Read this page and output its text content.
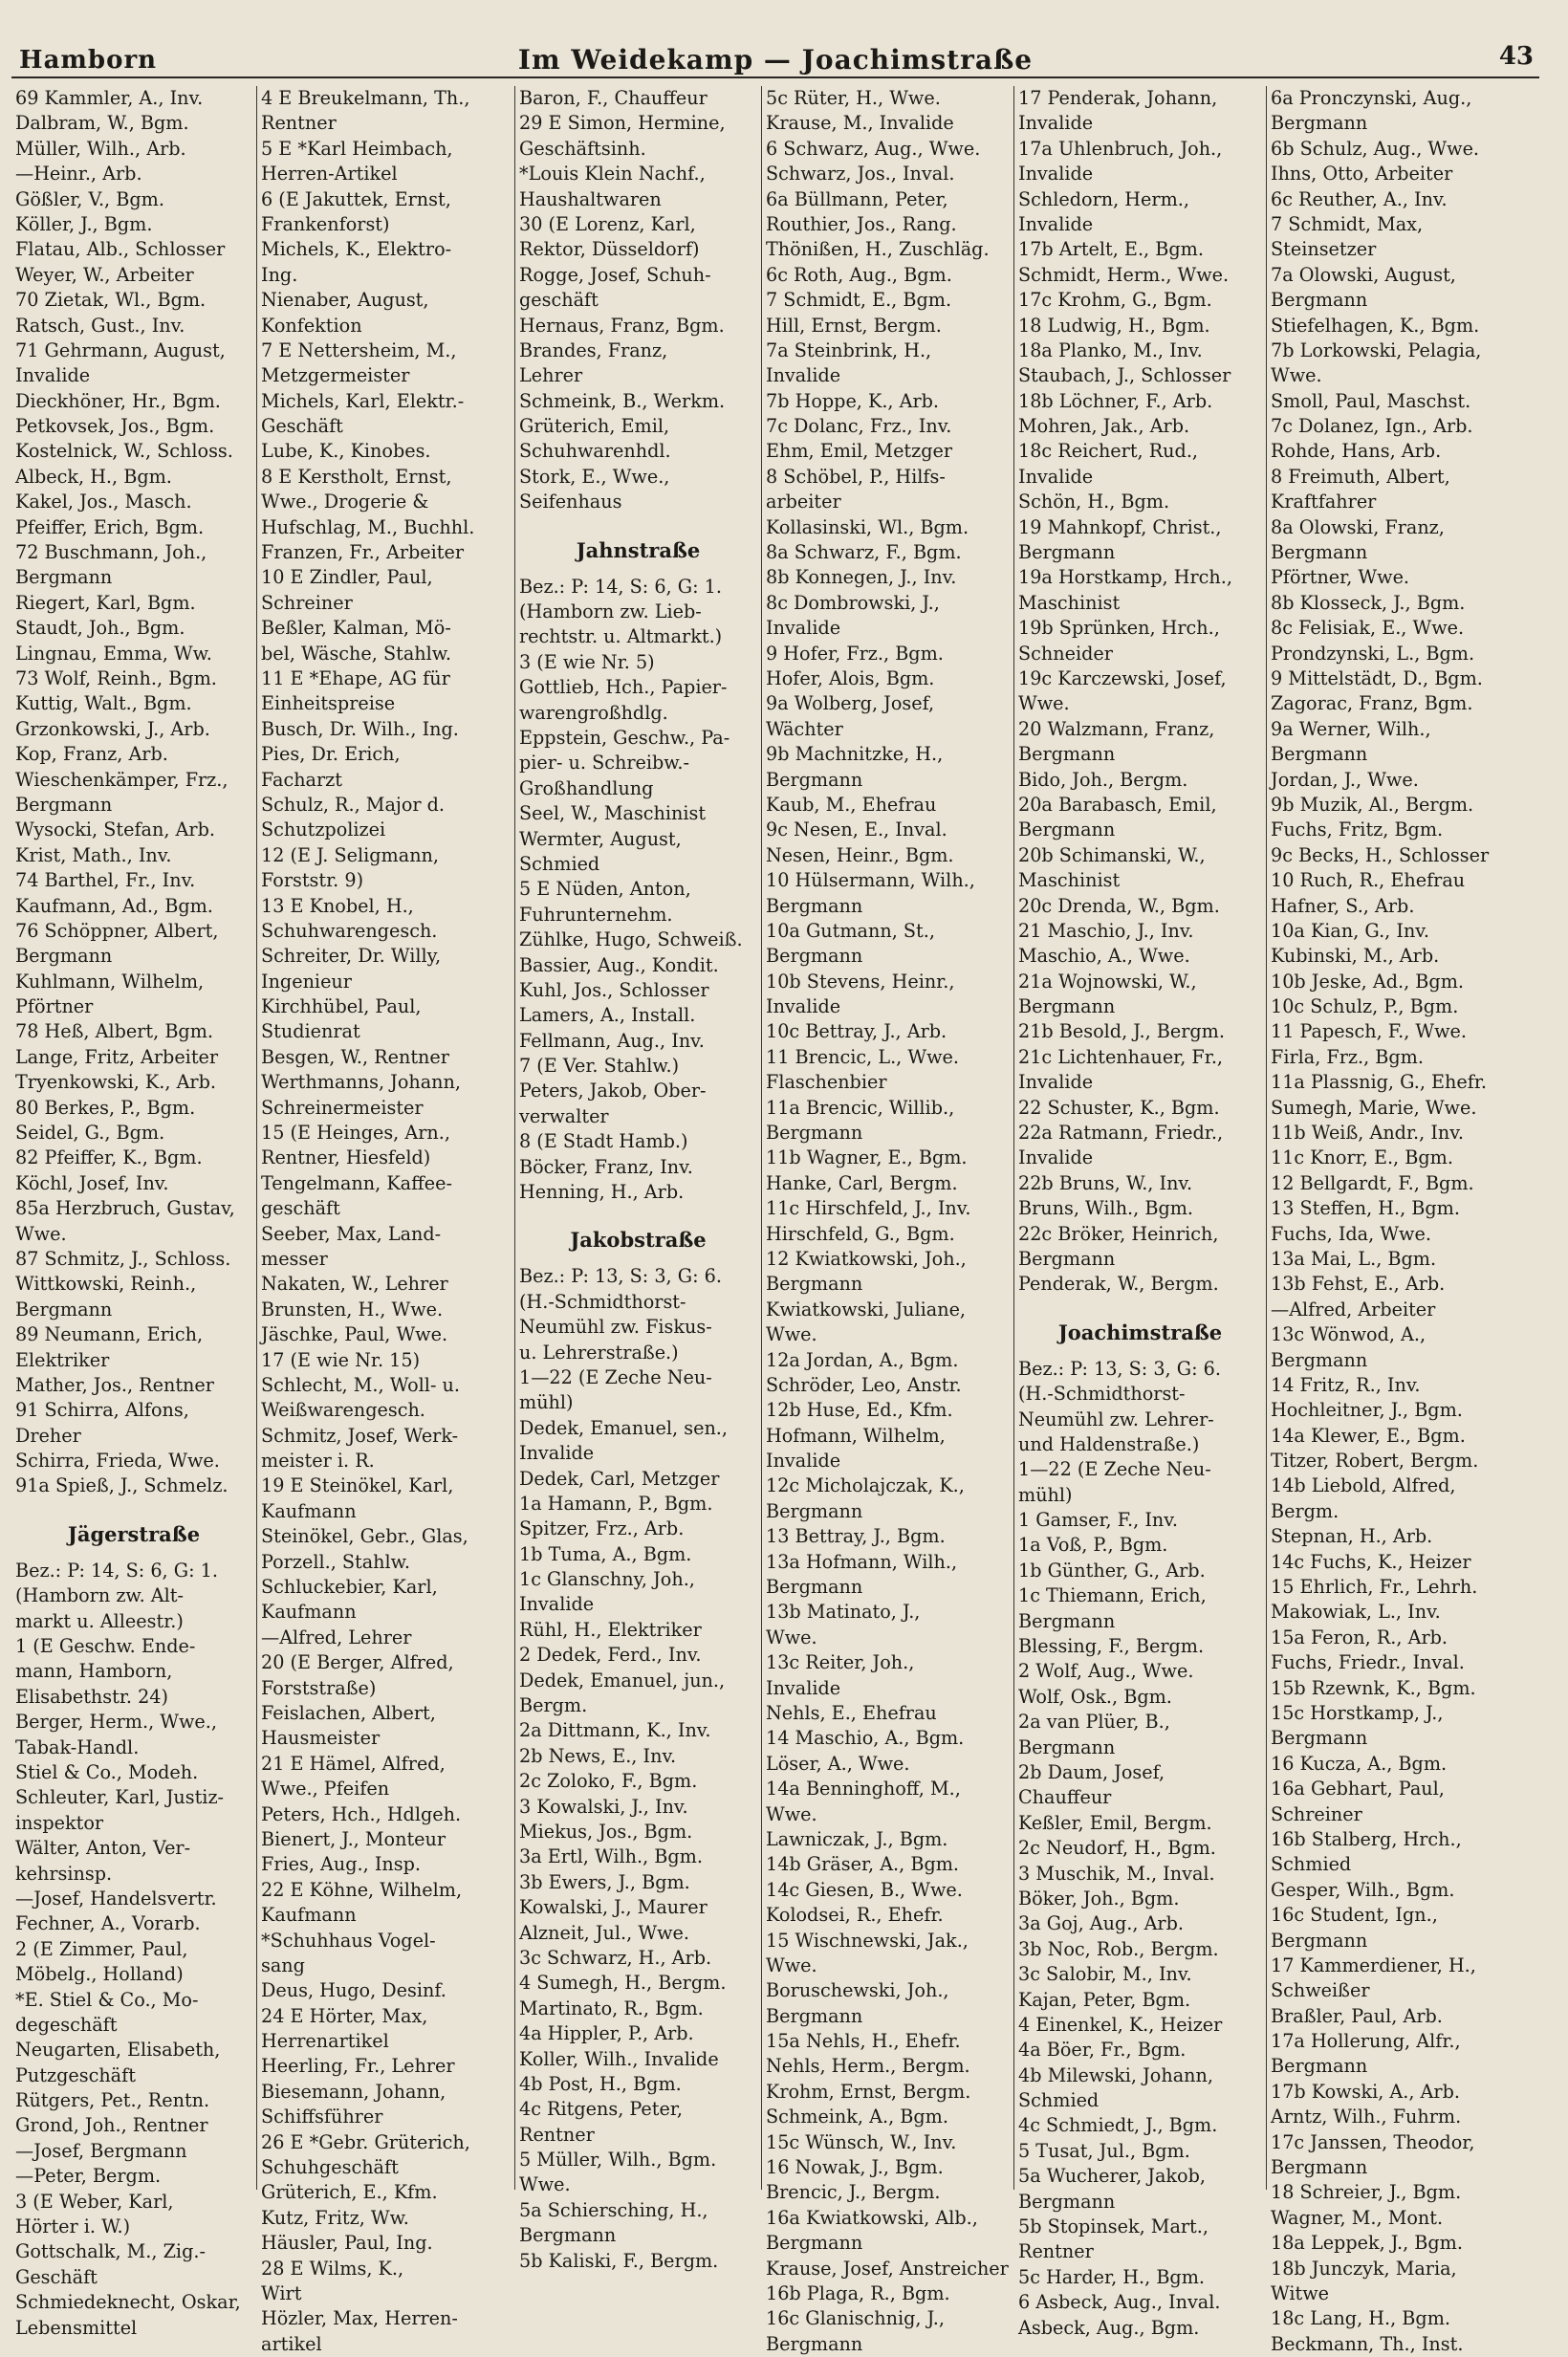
Hamborn	Im Weidekamp — Joachimstraße	43
69 Kammler, A., Inv.
Dalbram, W., Bgm.
Müller, Wilh., Arb.
—Heinr., Arb.
Gößler, V., Bgm.
Köller, J., Bgm.
Flatau, Alb., Schlosser
Weyer, W., Arbeiter
70 Zietak, Wl., Bgm.
Ratsch, Gust., Inv.
71 Gehrmann, August,
Invalide
Dieckhöner, Hr., Bgm.
Petkovsek, Jos., Bgm.
Kostelnick, W., Schloss.
Albeck, H., Bgm.
Kakel, Jos., Masch.
Pfeiffer, Erich, Bgm.
72 Buschmann, Joh.,
Bergmann
Riegert, Karl, Bgm.
Staudt, Joh., Bgm.
Lingnau, Emma, Ww.
73 Wolf, Reinh., Bgm.
Kuttig, Walt., Bgm.
Grzonkowski, J., Arb.
Kop, Franz, Arb.
Wieschenkämper, Frz.,
Bergmann
Wysocki, Stefan, Arb.
Krist, Math., Inv.
74 Barthel, Fr., Inv.
Kaufmann, Ad., Bgm.
76 Schöppner, Albert,
Bergmann
Kuhlmann, Wilhelm,
Pförtner
78 Heß, Albert, Bgm.
Lange, Fritz, Arbeiter
Tryenkowski, K., Arb.
80 Berkes, P., Bgm.
Seidel, G., Bgm.
82 Pfeiffer, K., Bgm.
Köchl, Josef, Inv.
85a Herzbruch, Gustav,
Wwe.
87 Schmitz, J., Schloss.
Wittkowski, Reinh.,
Bergmann
89 Neumann, Erich,
Elektriker
Mather, Jos., Rentner
91 Schirra, Alfons,
Dreher
Schirra, Frieda, Wwe.
91a Spieß, J., Schmelz.
Jägerstraße
Bez.: P: 14, S: 6, G: 1.
(Hamborn zw. Alt-
markt u. Alleestr.)
1 (E Geschw. Ende-
mann, Hamborn,
Elisabethstr. 24)
Berger, Herm., Wwe.,
Tabak-Handl.
Stiel & Co., Modeh.
Schleuter, Karl, Justiz-
inspektor
Wälter, Anton, Ver-
kehrsinsp.
—Josef, Handelsvertr.
Fechner, A., Vorarb.
2 (E Zimmer, Paul,
Möbelg., Holland)
*E. Stiel & Co., Mo-
degeschäft
Neugarten, Elisabeth,
Putzgeschäft
Rütgers, Pet., Rentn.
Grond, Joh., Rentner
—Josef, Bergmann
—Peter, Bergm.
3 (E Weber, Karl,
Hörter i. W.)
Gottschalk, M., Zig.-
Geschäft
Schmiedeknecht, Oskar,
Lebensmittel
4 E Breukelmann, Th.,
Rentner
5 E *Karl Heimbach,
Herren-Artikel
6 (E Jakuttek, Ernst,
Frankenforst)
Michels, K., Elektro-
Ing.
Nienaber, August,
Konfektion
7 E Nettersheim, M.,
Metzgermeister
Michels, Karl, Elektr.-
Geschäft
Lube, K., Kinobes.
8 E Kerstholt, Ernst,
Wwe., Drogerie &
Hufschlag, M., Buchhl.
Franzen, Fr., Arbeiter
10 E Zindler, Paul,
Schreiner
Beßler, Kalman, Mö-
bel, Wäsche, Stahlw.
11 E *Ehape, AG für
Einheitspreise
Busch, Dr. Wilh., Ing.
Pies, Dr. Erich,
Facharzt
Schulz, R., Major d.
Schutzpolizei
12 (E J. Seligmann,
Forststr. 9)
13 E Knobel, H.,
Schuhwarengesch.
Schreiter, Dr. Willy,
Ingenieur
Kirchhübel, Paul,
Studienrat
Besgen, W., Rentner
Werthmanns, Johann,
Schreinermeister
15 (E Heinges, Arn.,
Rentner, Hiesfeld)
Tengelmann, Kaffee-
geschäft
Seeber, Max, Land-
messer
Nakaten, W., Lehrer
Brunsten, H., Wwe.
Jäschke, Paul, Wwe.
17 (E wie Nr. 15)
Schlecht, M., Woll- u.
Weißwarengesch.
Schmitz, Josef, Werk-
meister i. R.
19 E Steinökel, Karl,
Kaufmann
Steinökel, Gebr., Glas,
Porzell., Stahlw.
Schluckebier, Karl,
Kaufmann
—Alfred, Lehrer
20 (E Berger, Alfred,
Forststraße)
Feislachen, Albert,
Hausmeister
21 E Hämel, Alfred,
Wwe., Pfeifen
Peters, Hch., Hdlgeh.
Bienert, J., Monteur
Fries, Aug., Insp.
22 E Köhne, Wilhelm,
Kaufmann
*Schuhhaus Vogel-
sang
Deus, Hugo, Desinf.
24 E Hörter, Max,
Herrenartikel
Heerling, Fr., Lehrer
Biesemann, Johann,
Schiffsführer
26 E *Gebr. Grüterich,
Schuhgeschäft
Grüterich, E., Kfm.
Kutz, Fritz, Ww.
Häusler, Paul, Ing.
28 E Wilms, K.,
Wirt
Hözler, Max, Herren-
artikel
Baron, F., Chauffeur
29 E Simon, Hermine,
Geschäftsinh.
*Louis Klein Nachf.,
Haushaltwaren
30 (E Lorenz, Karl,
Rektor, Düsseldorf)
Rogge, Josef, Schuh-
geschäft
Hernaus, Franz, Bgm.
Brandes, Franz,
Lehrer
Schmeink, B., Werkm.
Grüterich, Emil,
Schuhwarenhdl.
Stork, E., Wwe.,
Seifenhaus
Jahnstraße
Bez.: P: 14, S: 6, G: 1.
(Hamborn zw. Lieb-
rechtstr. u. Altmarkt.)
3 (E wie Nr. 5)
Gottlieb, Hch., Papier-
warengroßhdlg.
Eppstein, Geschw., Pa-
pier- u. Schreibw.-
Großhandlung
Seel, W., Maschinist
Wermter, August,
Schmied
5 E Nüden, Anton,
Fuhrunternehm.
Zühlke, Hugo, Schweiß.
Bassier, Aug., Kondit.
Kuhl, Jos., Schlosser
Lamers, A., Install.
Fellmann, Aug., Inv.
7 (E Ver. Stahlw.)
Peters, Jakob, Ober-
verwalter
8 (E Stadt Hamb.)
Böcker, Franz, Inv.
Henning, H., Arb.
Jakobstraße
Bez.: P: 13, S: 3, G: 6.
(H.-Schmidthorst-
Neumühl zw. Fiskus-
u. Lehrerstraße.)
1—22 (E Zeche Neu-
mühl)
Dedek, Emanuel, sen.,
Invalide
Dedek, Carl, Metzger
1a Hamann, P., Bgm.
Spitzer, Frz., Arb.
1b Tuma, A., Bgm.
1c Glanschny, Joh.,
Invalide
Rühl, H., Elektriker
2 Dedek, Ferd., Inv.
Dedek, Emanuel, jun.,
Bergm.
2a Dittmann, K., Inv.
2b News, E., Inv.
2c Zoloko, F., Bgm.
3 Kowalski, J., Inv.
Miekus, Jos., Bgm.
3a Ertl, Wilh., Bgm.
3b Ewers, J., Bgm.
Kowalski, J., Maurer
Alzneit, Jul., Wwe.
3c Schwarz, H., Arb.
4 Sumegh, H., Bergm.
Martinato, R., Bgm.
4a Hippler, P., Arb.
Koller, Wilh., Invalide
4b Post, H., Bgm.
4c Ritgens, Peter,
Rentner
5 Müller, Wilh., Bgm.
Wwe.
5a Schiersching, H.,
Bergmann
5b Kaliski, F., Bergm.
5c Rüter, H., Wwe.
Krause, M., Invalide
6 Schwarz, Aug., Wwe.
Schwarz, Jos., Inval.
6a Büllmann, Peter,
Routhier, Jos., Rang.
Thönißen, H., Zuschläg.
6c Roth, Aug., Bgm.
7 Schmidt, E., Bgm.
Hill, Ernst, Bergm.
7a Steinbrink, H.,
Invalide
7b Hoppe, K., Arb.
7c Dolanc, Frz., Inv.
Ehm, Emil, Metzger
8 Schöbel, P., Hilfs-
arbeiter
Kollasinski, Wl., Bgm.
8a Schwarz, F., Bgm.
8b Konnegen, J., Inv.
8c Dombrowski, J.,
Invalide
9 Hofer, Frz., Bgm.
Hofer, Alois, Bgm.
9a Wolberg, Josef,
Wächter
9b Machnitzke, H.,
Bergmann
Kaub, M., Ehefrau
9c Nesen, E., Inval.
Nesen, Heinr., Bgm.
10 Hülsermann, Wilh.,
Bergmann
10a Gutmann, St.,
Bergmann
10b Stevens, Heinr.,
Invalide
10c Bettray, J., Arb.
11 Brencic, L., Wwe.
Flaschenbier
11a Brencic, Willib.,
Bergmann
11b Wagner, E., Bgm.
Hanke, Carl, Bergm.
11c Hirschfeld, J., Inv.
Hirschfeld, G., Bgm.
12 Kwiatkowski, Joh.,
Bergmann
Kwiatkowski, Juliane,
Wwe.
12a Jordan, A., Bgm.
Schröder, Leo, Anstr.
12b Huse, Ed., Kfm.
Hofmann, Wilhelm,
Invalide
12c Micholajczak, K.,
Bergmann
13 Bettray, J., Bgm.
13a Hofmann, Wilh.,
Bergmann
13b Matinato, J.,
Wwe.
13c Reiter, Joh.,
Invalide
Nehls, E., Ehefrau
14 Maschio, A., Bgm.
Löser, A., Wwe.
14a Benninghoff, M.,
Wwe.
Lawniczak, J., Bgm.
14b Gräser, A., Bgm.
14c Giesen, B., Wwe.
Kolodsei, R., Ehefr.
15 Wischnewski, Jak.,
Wwe.
Boruschewski, Joh.,
Bergmann
15a Nehls, H., Ehefr.
Nehls, Herm., Bergm.
Krohm, Ernst, Bergm.
Schmeink, A., Bgm.
15c Wünsch, W., Inv.
16 Nowak, J., Bgm.
Brencic, J., Bergm.
16a Kwiatkowski, Alb.,
Bergmann
Krause, Josef, Anstreicher
16b Plaga, R., Bgm.
16c Glanischnig, J.,
Bergmann
17 Penderak, Johann,
Invalide
17a Uhlenbruch, Joh.,
Invalide
Schledorn, Herm.,
Invalide
17b Artelt, E., Bgm.
Schmidt, Herm., Wwe.
17c Krohm, G., Bgm.
18 Ludwig, H., Bgm.
18a Planko, M., Inv.
Staubach, J., Schlosser
18b Löchner, F., Arb.
Mohren, Jak., Arb.
18c Reichert, Rud.,
Invalide
Schön, H., Bgm.
19 Mahnkopf, Christ.,
Bergmann
19a Horstkamp, Hrch.,
Maschinist
19b Sprünken, Hrch.,
Schneider
19c Karczewski, Josef,
Wwe.
20 Walzmann, Franz,
Bergmann
Bido, Joh., Bergm.
20a Barabasch, Emil,
Bergmann
20b Schimanski, W.,
Maschinist
20c Drenda, W., Bgm.
21 Maschio, J., Inv.
Maschio, A., Wwe.
21a Wojnowski, W.,
Bergmann
21b Besold, J., Bergm.
21c Lichtenhauer, Fr.,
Invalide
22 Schuster, K., Bgm.
22a Ratmann, Friedr.,
Invalide
22b Bruns, W., Inv.
Bruns, Wilh., Bgm.
22c Bröker, Heinrich,
Bergmann
Penderak, W., Bergm.
Joachimstraße
Bez.: P: 13, S: 3, G: 6.
(H.-Schmidthorst-
Neumühl zw. Lehrer-
und Haldenstraße.)
1—22 (E Zeche Neu-
mühl)
1 Gamser, F., Inv.
1a Voß, P., Bgm.
1b Günther, G., Arb.
1c Thiemann, Erich,
Bergmann
Blessing, F., Bergm.
2 Wolf, Aug., Wwe.
Wolf, Osk., Bgm.
2a van Plüer, B.,
Bergmann
2b Daum, Josef,
Chauffeur
Keßler, Emil, Bergm.
2c Neudorf, H., Bgm.
3 Muschik, M., Inval.
Böker, Joh., Bgm.
3a Goj, Aug., Arb.
3b Noc, Rob., Bergm.
3c Salobir, M., Inv.
Kajan, Peter, Bgm.
4 Einenkel, K., Heizer
4a Böer, Fr., Bgm.
4b Milewski, Johann,
Schmied
4c Schmiedt, J., Bgm.
5 Tusat, Jul., Bgm.
5a Wucherer, Jakob,
Bergmann
5b Stopinsek, Mart.,
Rentner
5c Harder, H., Bgm.
6 Asbeck, Aug., Inval.
Asbeck, Aug., Bgm.
6a Pronczynski, Aug.,
Bergmann
6b Schulz, Aug., Wwe.
Ihns, Otto, Arbeiter
6c Reuther, A., Inv.
7 Schmidt, Max,
Steinsetzer
7a Olowski, August,
Bergmann
Stiefelhagen, K., Bgm.
7b Lorkowski, Pelagia,
Wwe.
Smoll, Paul, Maschst.
7c Dolanez, Ign., Arb.
Rohde, Hans, Arb.
8 Freimuth, Albert,
Kraftfahrer
8a Olowski, Franz,
Bergmann
Pförtner, Wwe.
8b Klosseck, J., Bgm.
8c Felisiak, E., Wwe.
Prondzynski, L., Bgm.
9 Mittelstädt, D., Bgm.
Zagorac, Franz, Bgm.
9a Werner, Wilh.,
Bergmann
Jordan, J., Wwe.
9b Muzik, Al., Bergm.
Fuchs, Fritz, Bgm.
9c Becks, H., Schlosser
10 Ruch, R., Ehefrau
Hafner, S., Arb.
10a Kian, G., Inv.
Kubinski, M., Arb.
10b Jeske, Ad., Bgm.
10c Schulz, P., Bgm.
11 Papesch, F., Wwe.
Firla, Frz., Bgm.
11a Plassnig, G., Ehefr.
Sumegh, Marie, Wwe.
11b Weiß, Andr., Inv.
11c Knorr, E., Bgm.
12 Bellgardt, F., Bgm.
13 Steffen, H., Bgm.
Fuchs, Ida, Wwe.
13a Mai, L., Bgm.
13b Fehst, E., Arb.
—Alfred, Arbeiter
13c Wönwod, A.,
Bergmann
14 Fritz, R., Inv.
Hochleitner, J., Bgm.
14a Klewer, E., Bgm.
Titzer, Robert, Bergm.
14b Liebold, Alfred,
Bergm.
Stepnan, H., Arb.
14c Fuchs, K., Heizer
15 Ehrlich, Fr., Lehrh.
Makowiak, L., Inv.
15a Feron, R., Arb.
Fuchs, Friedr., Inval.
15b Rzewnk, K., Bgm.
15c Horstkamp, J.,
Bergmann
16 Kucza, A., Bgm.
16a Gebhart, Paul,
Schreiner
16b Stalberg, Hrch.,
Schmied
Gesper, Wilh., Bgm.
16c Student, Ign.,
Bergmann
17 Kammerdiener, H.,
Schweißer
Braßler, Paul, Arb.
17a Hollerung, Alfr.,
Bergmann
17b Kowski, A., Arb.
Arntz, Wilh., Fuhrm.
17c Janssen, Theodor,
Bergmann
18 Schreier, J., Bgm.
Wagner, M., Mont.
18a Leppek, J., Bgm.
18b Junczyk, Maria,
Witwe
18c Lang, H., Bgm.
Beckmann, Th., Inst.
